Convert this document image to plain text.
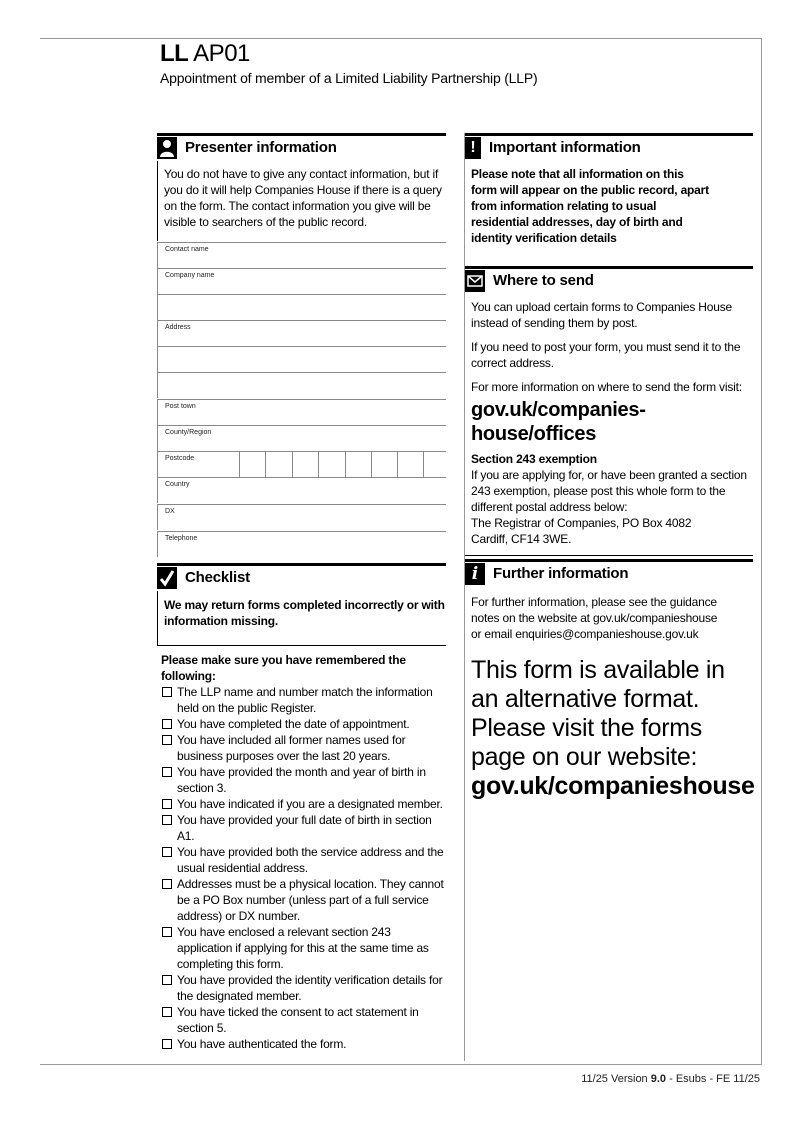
LL AP01
Appointment of member of a Limited Liability Partnership (LLP)
Presenter information
You do not have to give any contact information, but if you do it will help Companies House if there is a query on the form. The contact information you give will be visible to searchers of the public record.
Contact name
Company name
Address
Post town
County/Region
Postcode
Country
DX
Telephone
Checklist
We may return forms completed incorrectly or with information missing.
Please make sure you have remembered the following:
The LLP name and number match the information held on the public Register.
You have completed the date of appointment.
You have included all former names used for business purposes over the last 20 years.
You have provided the month and year of birth in section 3.
You have indicated if you are a designated member.
You have provided your full date of birth in section A1.
You have provided both the service address and the usual residential address.
Addresses must be a physical location. They cannot be a PO Box number (unless part of a full service address) or DX number.
You have enclosed a relevant section 243 application if applying for this at the same time as completing this form.
You have provided the identity verification details for the designated member.
You have ticked the consent to act statement in section 5.
You have authenticated the form.
! Important information
Please note that all information on this form will appear on the public record, apart from information relating to usual residential addresses, day of birth and identity verification details
Where to send
You can upload certain forms to Companies House instead of sending them by post.
If you need to post your form, you must send it to the correct address.
For more information on where to send the form visit:
gov.uk/companies-house/offices
Section 243 exemption
If you are applying for, or have been granted a section 243 exemption, please post this whole form to the different postal address below:
The Registrar of Companies, PO Box 4082
Cardiff, CF14 3WE.
i Further information
For further information, please see the guidance
notes on the website at gov.uk/companieshouse
or email enquiries@companieshouse.gov.uk
This form is available in an alternative format. Please visit the forms page on our website:
gov.uk/companieshouse
11/25 Version 9.0 - Esubs - FE 11/25
